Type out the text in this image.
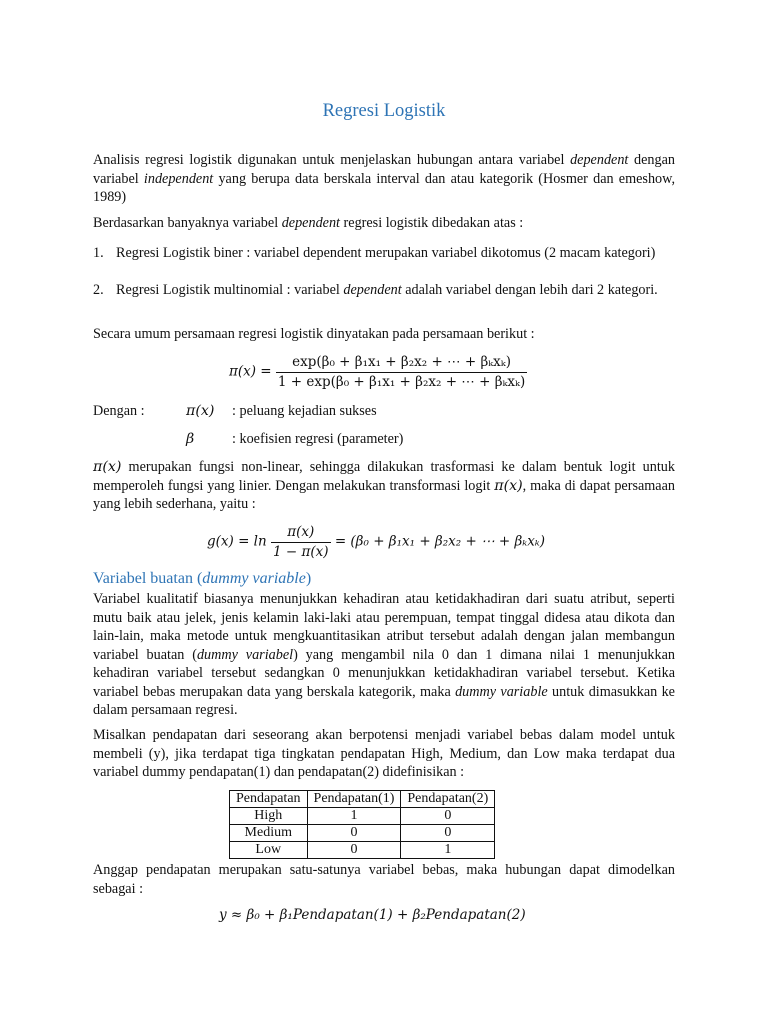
Regresi Logistik
Analisis regresi logistik digunakan untuk menjelaskan hubungan antara variabel dependent dengan variabel independent yang berupa data berskala interval dan atau kategorik (Hosmer dan emeshow, 1989)
Berdasarkan banyaknya variabel dependent regresi logistik dibedakan atas :
1. Regresi Logistik biner : variabel dependent merupakan variabel dikotomus (2 macam kategori)
2. Regresi Logistik multinomial : variabel dependent adalah variabel dengan lebih dari 2 kategori.
Secara umum persamaan regresi logistik dinyatakan pada persamaan berikut :
$\pi(x) = \frac{\text{exp(β₀ + β₁x₁ + β₂x₂ + ⋯ + βₖxₖ)}}{\text{1 + exp(β₀ + β₁x₁ + β₂x₂ + ⋯ + βₖxₖ)}}$
Dengan :	π(x) : peluang kejadian sukses
β	: koefisien regresi (parameter)
π(x) merupakan fungsi non-linear, sehingga dilakukan trasformasi ke dalam bentuk logit untuk memperoleh fungsi yang linier. Dengan melakukan transformasi logit π(x), maka di dapat persamaan yang lebih sederhana, yaitu :
$g(x) = \ln \frac{\pi(x)}{1 - \pi(x)} = (\beta_0 + \beta_1x_1 + \beta_2x_2$ + ⋯ + βₖxₖ)
Variabel buatan (dummy variable)
Variabel kualitatif biasanya menunjukkan kehadiran atau ketidakhadiran dari suatu atribut, seperti mutu baik atau jelek, jenis kelamin laki-laki atau perempuan, tempat tinggal didesa atau dikota dan lain-lain, maka metode untuk mengkuantitasikan atribut tersebut adalah dengan jalan membangun variabel buatan (dummy variabel) yang mengambil nila 0 dan 1 dimana nilai 1 menunjukkan kehadiran variabel tersebut sedangkan 0 menunjukkan ketidakhadiran variabel tersebut. Ketika variabel bebas merupakan data yang berskala kategorik, maka dummy variable untuk dimasukkan ke dalam persamaan regresi.
Misalkan pendapatan dari seseorang akan berpotensi menjadi variabel bebas dalam model untuk membeli (y), jika terdapat tiga tingkatan pendapatan High, Medium, dan Low maka terdapat dua variabel dummy pendapatan(1) dan pendapatan(2) didefinisikan :
Pendapatan	Pendapatan(1)	Pendapatan(2)
High	1	0
Medium	0	0
Low	0	1
Anggap pendapatan merupakan satu-satunya variabel bebas, maka hubungan dapat dimodelkan sebagai :
y ≈ β₀ + β₁Pendapatan(1) + β₂Pendapatan(2)
